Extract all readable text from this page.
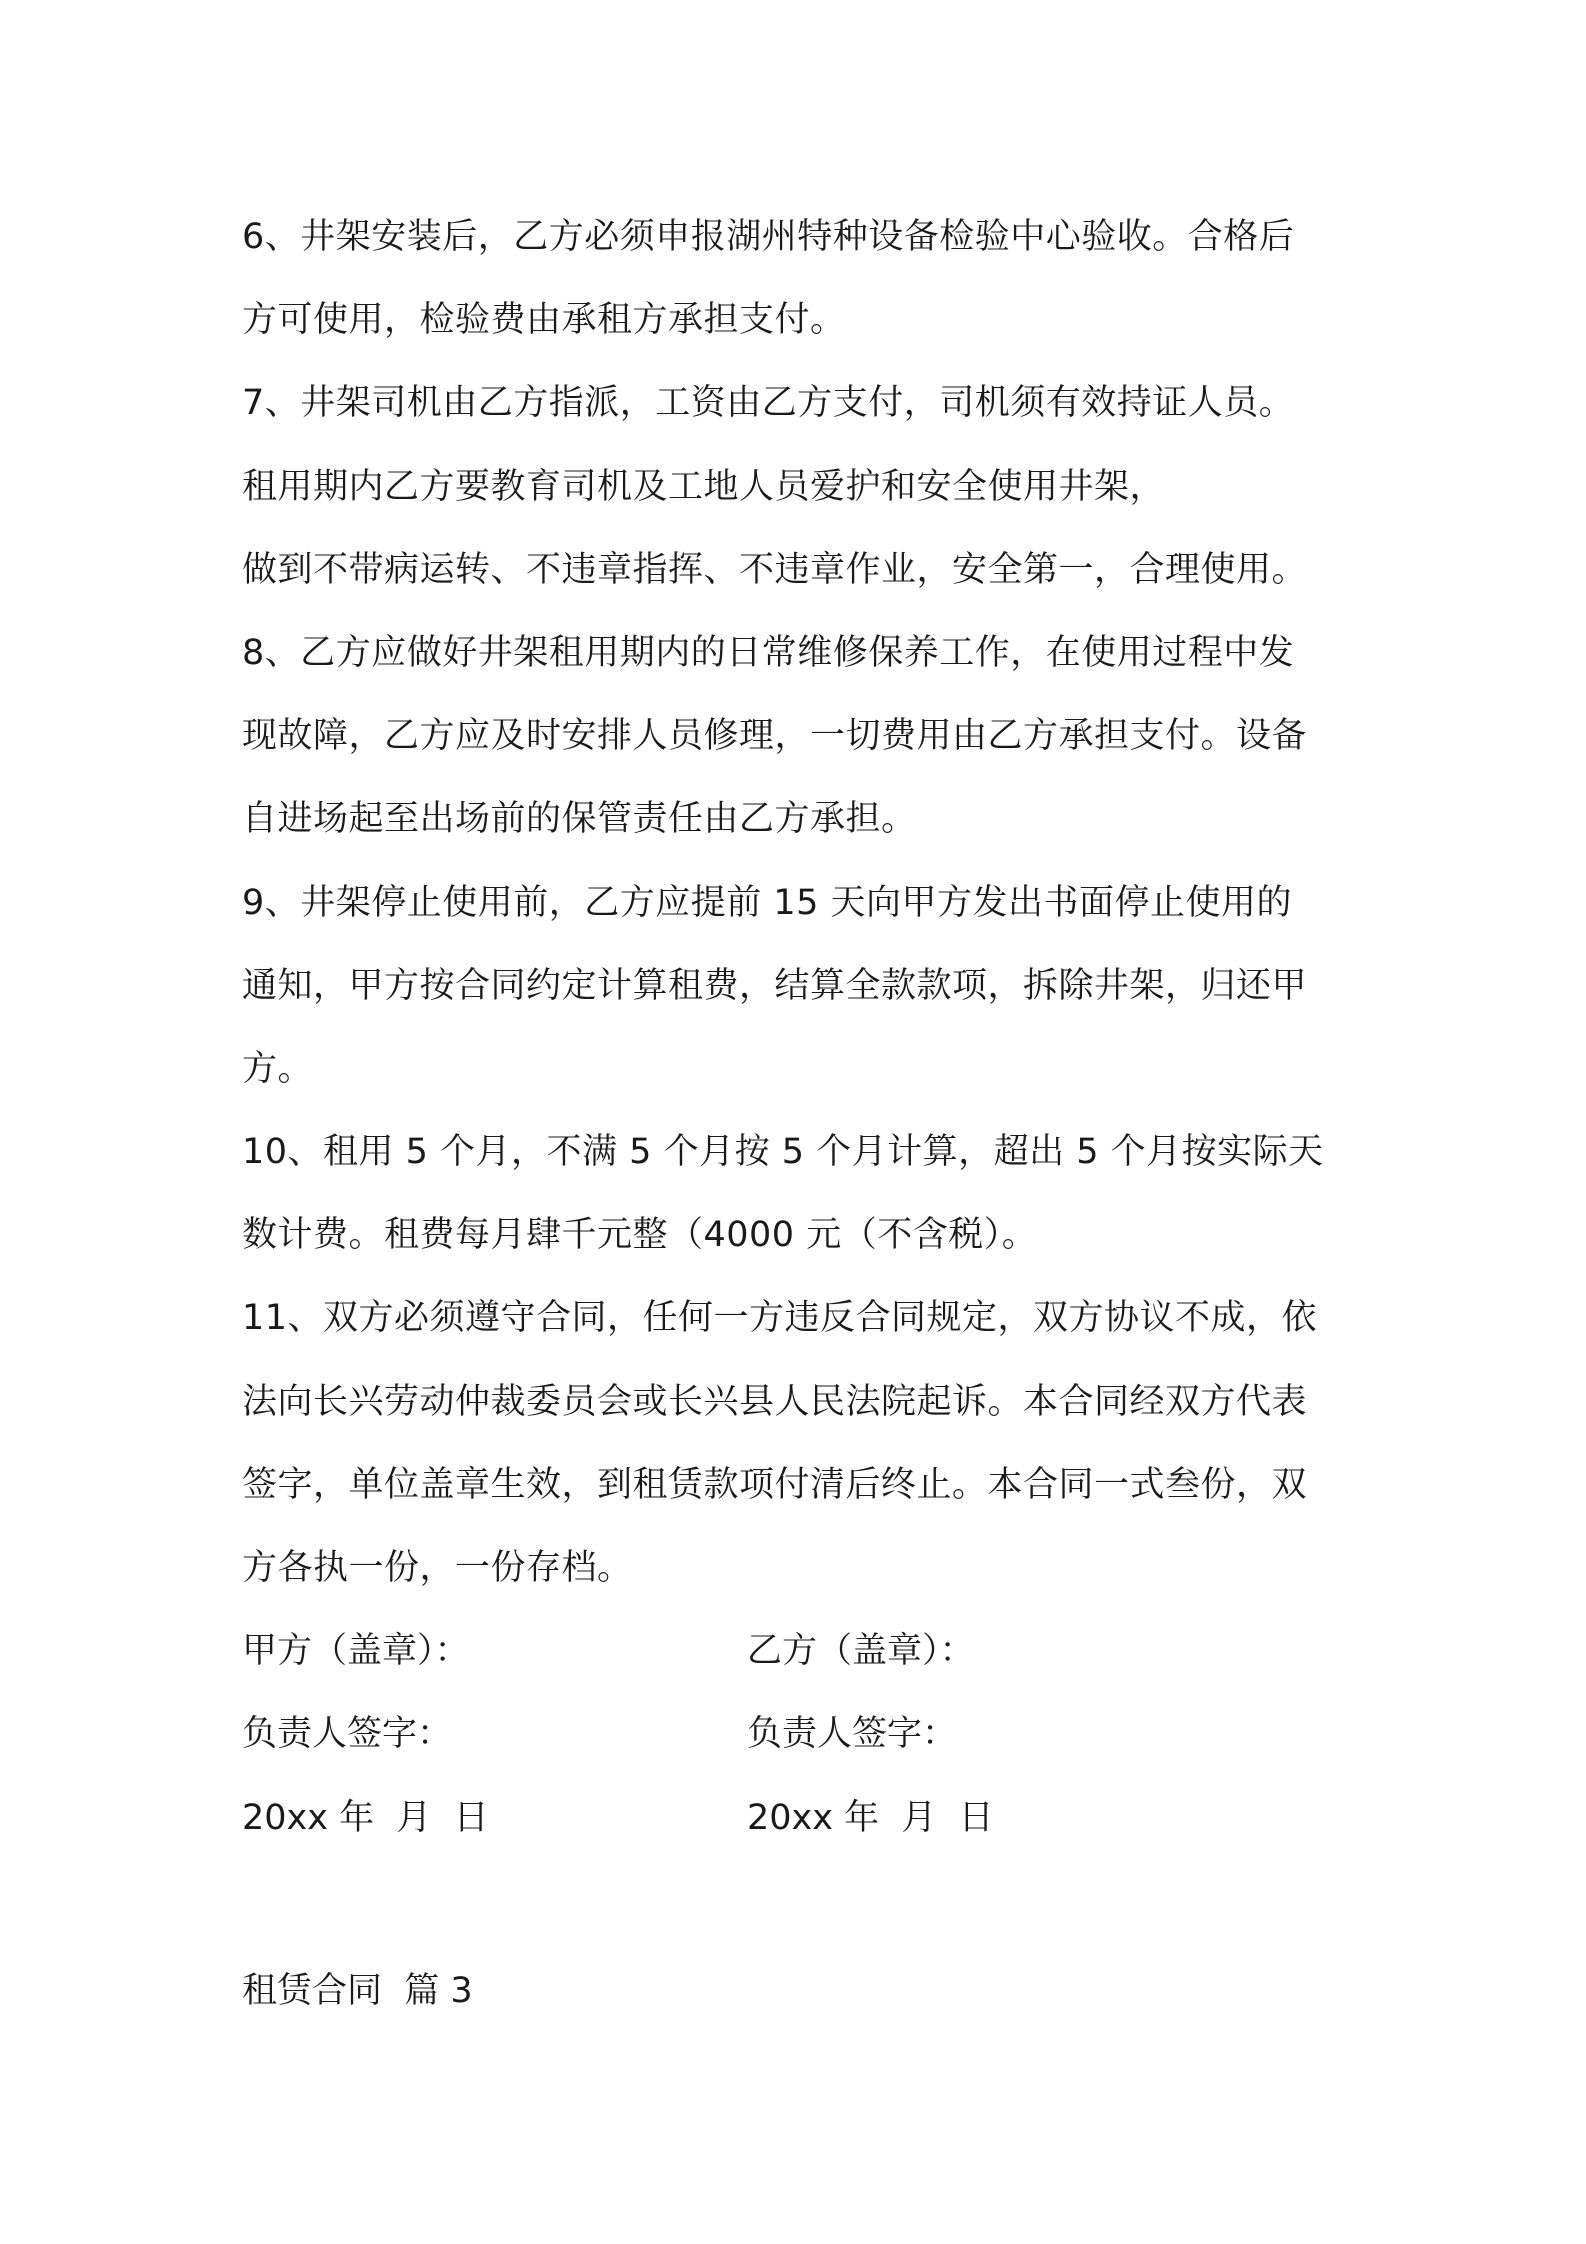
6、井架安装后，乙方必须申报湖州特种设备检验中心验收。合格后
方可使用，检验费由承租方承担支付。
7、井架司机由乙方指派，工资由乙方支付，司机须有效持证人员。
租用期内乙方要教育司机及工地人员爱护和安全使用井架，
做到不带病运转、不违章指挥、不违章作业，安全第一，合理使用。
8、乙方应做好井架租用期内的日常维修保养工作，在使用过程中发
现故障，乙方应及时安排人员修理，一切费用由乙方承担支付。设备
自进场起至出场前的保管责任由乙方承担。
9、井架停止使用前，乙方应提前 15 天向甲方发出书面停止使用的
通知，甲方按合同约定计算租费，结算全款款项，拆除井架，归还甲
方。
10、租用 5 个月，不满 5 个月按 5 个月计算，超出 5 个月按实际天
数计费。租费每月肆千元整（4000 元（不含税）。
11、双方必须遵守合同，任何一方违反合同规定，双方协议不成，依
法向长兴劳动仲裁委员会或长兴县人民法院起诉。本合同经双方代表
签字，单位盖章生效，到租赁款项付清后终止。本合同一式叁份，双
方各执一份，一份存档。
甲方（盖章）：	乙方（盖章）：
负责人签字：	负责人签字：
20xx 年  月  日	20xx 年  月  日
租赁合同  篇 3
